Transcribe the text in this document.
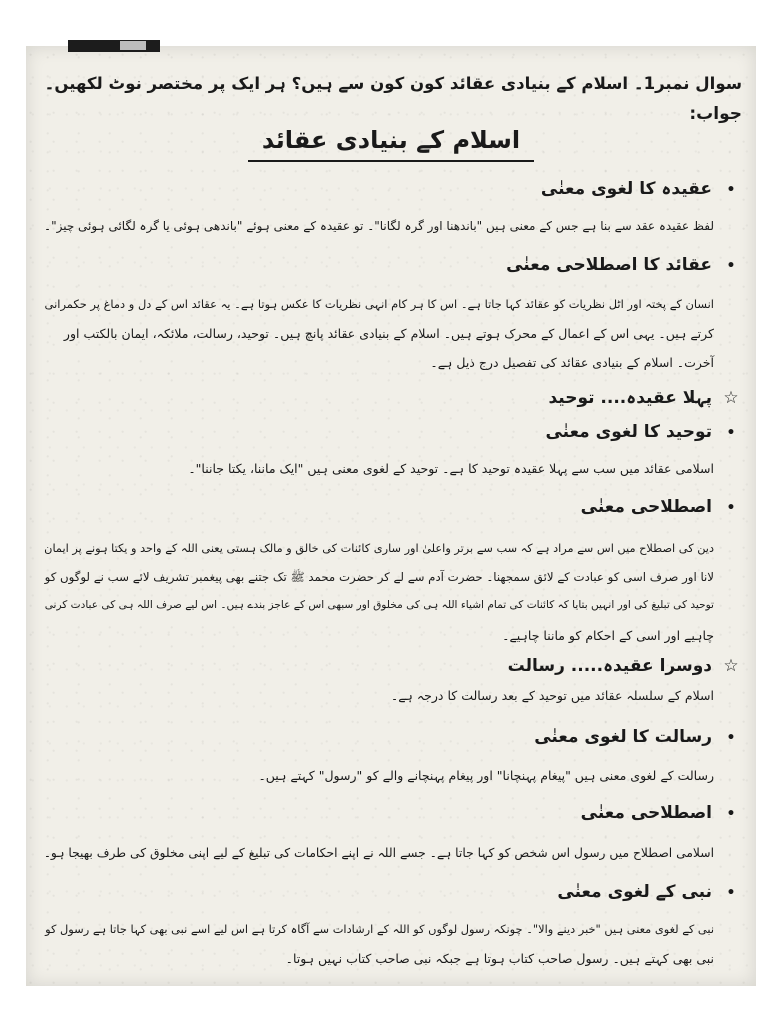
سوال نمبر1۔ اسلام کے بنیادی عقائد کون کون سے ہیں؟ ہر ایک پر مختصر نوٹ لکھیں۔
جواب:
اسلام کے بنیادی عقائد
•عقیدہ کا لغوی معنٰی
لفظ عقیدہ عقد سے بنا ہے جس کے معنی ہیں "باندھنا اور گرہ لگانا"۔ تو عقیدہ کے معنی ہوئے "باندھی ہوئی یا گرہ لگائی ہوئی چیز"۔
•عقائد کا اصطلاحی معنٰی
انسان کے پختہ اور اٹل نظریات کو عقائد کہا جاتا ہے۔ اس کا ہر کام انہی نظریات کا عکس ہوتا ہے۔ یہ عقائد اس کے دل و دماغ پر حکمرانی
کرتے ہیں۔ یہی اس کے اعمال کے محرک ہوتے ہیں۔ اسلام کے بنیادی عقائد پانچ ہیں۔ توحید، رسالت، ملائکہ، ایمان بالکتب اور
آخرت۔ اسلام کے بنیادی عقائد کی تفصیل درج ذیل ہے۔
☆پہلا عقیدہ.... توحید
•توحید کا لغوی معنٰی
اسلامی عقائد میں سب سے پہلا عقیدہ توحید کا ہے۔ توحید کے لغوی معنی ہیں "ایک ماننا، یکتا جاننا"۔
•اصطلاحی معنٰی
دین کی اصطلاح میں اس سے مراد ہے کہ سب سے برتر واعلیٰ اور ساری کائنات کی خالق و مالک ہستی یعنی اللہ کے واحد و یکتا ہونے پر ایمان
لانا اور صرف اسی کو عبادت کے لائق سمجھنا۔ حضرت آدم سے لے کر حضرت محمد ﷺ تک جتنے بھی پیغمبر تشریف لائے سب نے لوگوں کو
توحید کی تبلیغ کی اور انہیں بتایا کہ کائنات کی تمام اشیاء اللہ ہی کی مخلوق اور سبھی اس کے عاجز بندے ہیں۔ اس لیے صرف اللہ ہی کی عبادت کرنی
چاہیے اور اسی کے احکام کو ماننا چاہیے۔
☆دوسرا عقیدہ..... رسالت
اسلام کے سلسلہ عقائد میں توحید کے بعد رسالت کا درجہ ہے۔
•رسالت کا لغوی معنٰی
رسالت کے لغوی معنی ہیں "پیغام پہنچانا" اور پیغام پہنچانے والے کو "رسول" کہتے ہیں۔
•اصطلاحی معنٰی
اسلامی اصطلاح میں رسول اس شخص کو کہا جاتا ہے۔ جسے اللہ نے اپنے احکامات کی تبلیغ کے لیے اپنی مخلوق کی طرف بھیجا ہو۔
•نبی کے لغوی معنٰی
نبی کے لغوی معنی ہیں "خبر دینے والا"۔ چونکہ رسول لوگوں کو اللہ کے ارشادات سے آگاہ کرتا ہے اس لیے اسے نبی بھی کہا جاتا ہے رسول کو
نبی بھی کہتے ہیں۔ رسول صاحب کتاب ہوتا ہے جبکہ نبی صاحب کتاب نہیں ہوتا۔
